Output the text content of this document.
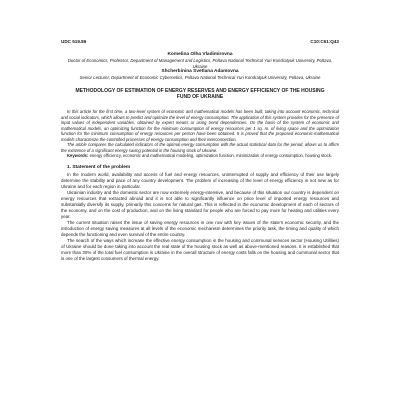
UDC 519.86	C10:C61:Q43
Komelina Olha Vladimirovna
Doctor of Economics, Professor, Department of Management and Logistics, Poltava National Technical Yuri Kondratyuk University, Poltava, Ukraine
Shcherbinina Svetlana Adamovna
Senior Lecturer, Department of Economic Cybernetics, Poltava National Technical Yuri Kondratyuk University, Poltava, Ukraine
METHODOLOGY OF ESTIMATION OF ENERGY RESERVES AND ENERGY EFFICIENCY OF THE HOUSING FUND OF UKRAINE

In this article for the first time, a two-level system of economic and mathematical models has been built, taking into account economic, technical and social indicators, which allows to predict and optimize the level of energy consumption. The application of this system provides for the presence of input values of independent variables, obtained by expert means or using trend dependencies. On the basis of the system of economic and mathematical models, an optimizing function for the minimum consumption of energy resources per 1 sq. m. of living space and the optimization function for the minimum consumption of energy resources per person have been obtained. It is proved that the proposed economic-mathematical models characterize the controlled processes of energy consumption and their interconnection.

The article compares the calculated indicators of the optimal energy consumption with the actual statistical data for the period, allows us to affirm the existence of a significant energy saving potential in the housing stock of Ukraine.

Keywords: energy efficiency, economic and mathematical modeling, optimization function, minimization of energy consumption, housing stock.

1. Statement of the problem

In the modern world, availability and access of fuel and energy resources, uninterrupted of supply and efficiency of their use largely determine the stability and pace of any country development. The problem of increasing of the level of energy efficiency is not new as for Ukraine and for each region in particular.

Ukrainian industry and the domestic sector are now extremely energy-intensive, and because of this situation our country is dependent on energy resources that extracted abroad and it is not able to significantly influence on price level of imported energy resources and substantially diversify its supply, primarily this concerns for natural gas. This is reflected in the economic development of each of sectors of the economy, and on the cost of production, and on the living standard for people who are forced to pay more for heating and utilities every year.

The current situation raises the issue of saving energy resources in one row with key issues of the state's economic security, and the introduction of energy saving measures at all levels of the economic mechanism determines the priority task, the timing and quality of which depends the functioning and even survival of the entire country.

The search of the ways which increase the effective energy consumption in the housing and communal services sector (Housing Utilities) of Ukraine should be done taking into account the real state of the housing stock as well as above-mentioned reasons. It is established that more than 30% of the total fuel consumption in Ukraine in the overall structure of energy costs falls on the housing and communal sector that is one of the largest consumers of thermal energy.
